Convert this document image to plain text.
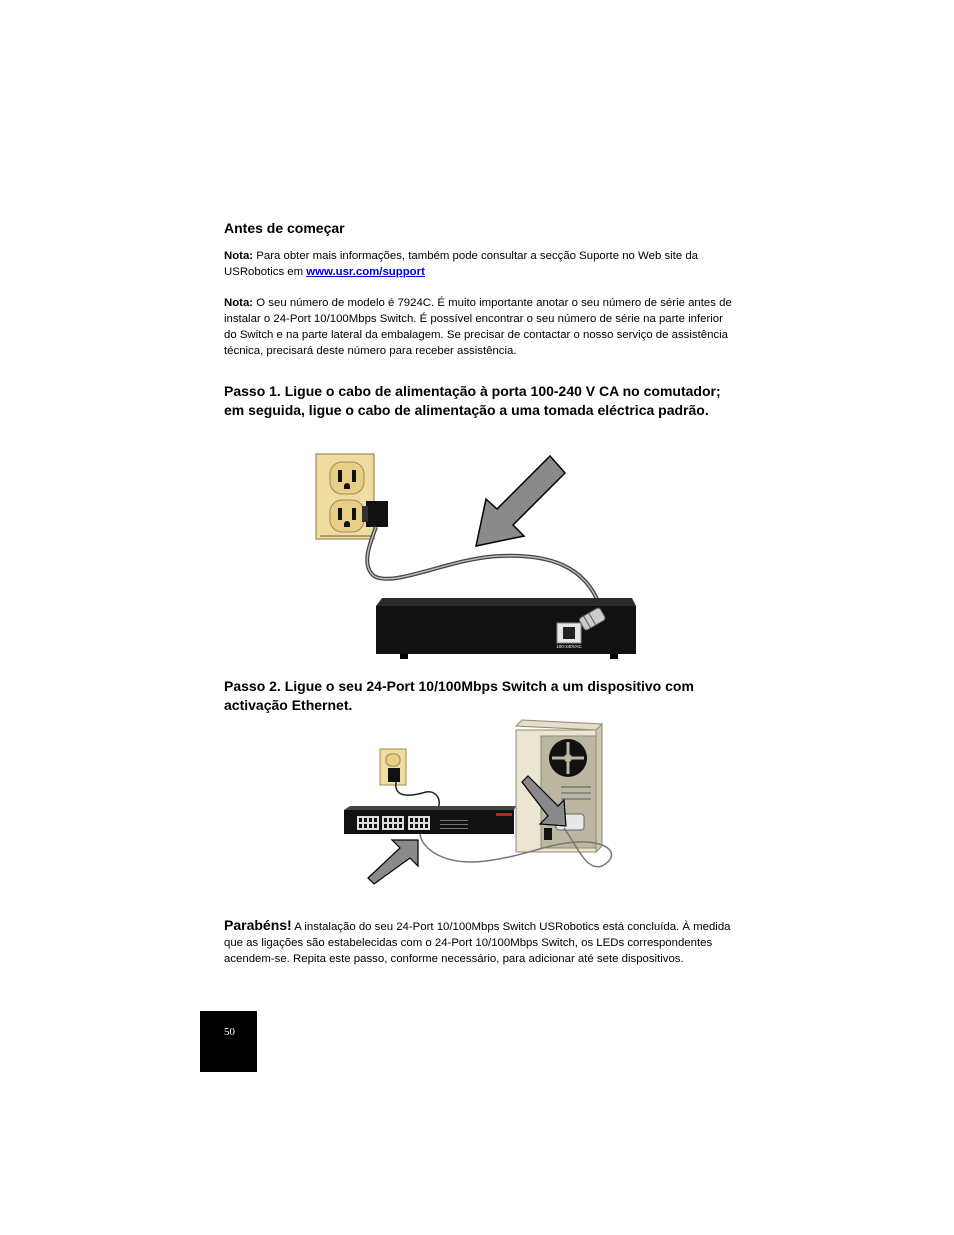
Antes de começar

Nota: Para obter mais informações, também pode consultar a secção Suporte no Web site da USRobotics em www.usr.com/support

Nota: O seu número de modelo é 7924C. É muito importante anotar o seu número de série antes de instalar o 24-Port 10/100Mbps Switch. É possível encontrar o seu número de série na parte inferior do Switch e na parte lateral da embalagem. Se precisar de contactar o nosso serviço de assistência técnica, precisará deste número para receber assistência.

Passo 1. Ligue o cabo de alimentação à porta 100-240 V CA no comutador; em seguida, ligue o cabo de alimentação a uma tomada eléctrica padrão.
100-240VAC
Passo 2. Ligue o seu 24-Port 10/100Mbps Switch a um dispositivo com activação Ethernet.

Parabéns! A instalação do seu 24-Port 10/100Mbps Switch USRobotics está concluída. À medida que as ligações são estabelecidas com o 24-Port 10/100Mbps Switch, os LEDs correspondentes acendem-se. Repita este passo, conforme necessário, para adicionar até sete dispositivos.

50
